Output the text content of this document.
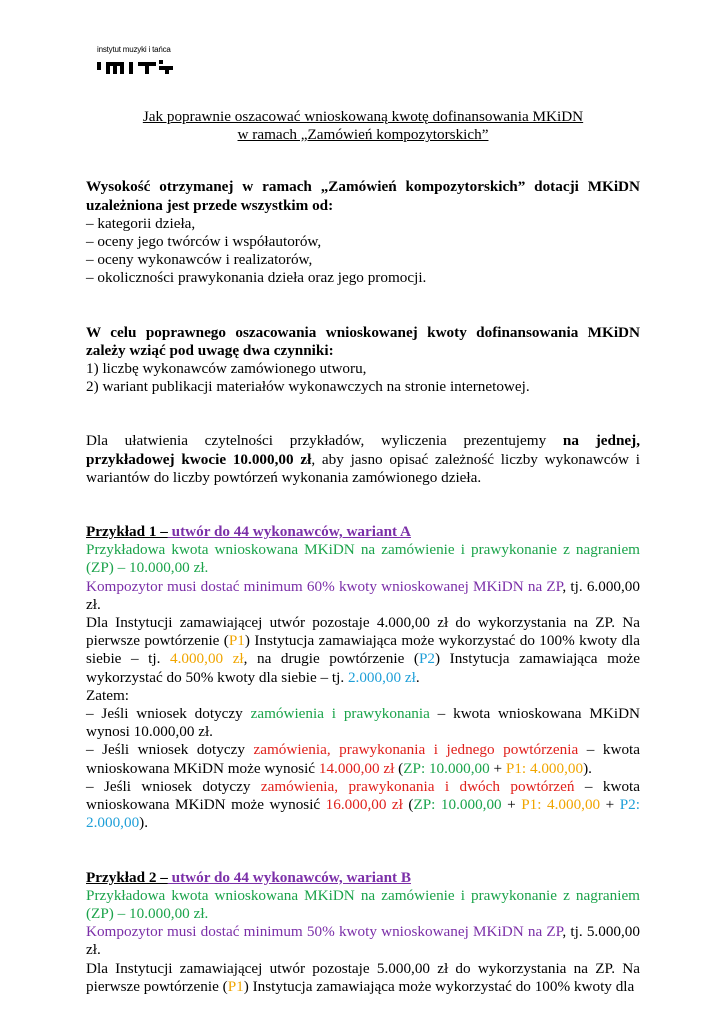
instytut muzyki i tańca
Jak poprawnie oszacować wnioskowaną kwotę dofinansowania MKiDN
w ramach „Zamówień kompozytorskich”

Wysokość otrzymanej w ramach „Zamówień kompozytorskich” dotacji MKiDN uzależniona jest przede wszystkim od:

– kategorii dzieła,

– oceny jego twórców i współautorów,

– oceny wykonawców i realizatorów,

– okoliczności prawykonania dzieła oraz jego promocji.

W celu poprawnego oszacowania wnioskowanej kwoty dofinansowania MKiDN zależy wziąć pod uwagę dwa czynniki:

1) liczbę wykonawców zamówionego utworu,

2) wariant publikacji materiałów wykonawczych na stronie internetowej.

Dla ułatwienia czytelności przykładów, wyliczenia prezentujemy na jednej, przykładowej kwocie 10.000,00 zł, aby jasno opisać zależność liczby wykonawców i wariantów do liczby powtórzeń wykonania zamówionego dzieła.

Przykład 1 – utwór do 44 wykonawców, wariant A

Przykładowa kwota wnioskowana MKiDN na zamówienie i prawykonanie z nagraniem (ZP) – 10.000,00 zł.

Kompozytor musi dostać minimum 60% kwoty wnioskowanej MKiDN na ZP, tj. 6.000,00 zł.

Dla Instytucji zamawiającej utwór pozostaje 4.000,00 zł do wykorzystania na ZP. Na pierwsze powtórzenie (P1) Instytucja zamawiająca może wykorzystać do 100% kwoty dla siebie – tj. 4.000,00 zł, na drugie powtórzenie (P2) Instytucja zamawiająca może wykorzystać do 50% kwoty dla siebie – tj. 2.000,00 zł.

Zatem:

– Jeśli wniosek dotyczy zamówienia i prawykonania – kwota wnioskowana MKiDN wynosi 10.000,00 zł.

– Jeśli wniosek dotyczy zamówienia, prawykonania i jednego powtórzenia – kwota wnioskowana MKiDN może wynosić 14.000,00 zł (ZP: 10.000,00 + P1: 4.000,00).

– Jeśli wniosek dotyczy zamówienia, prawykonania i dwóch powtórzeń – kwota wnioskowana MKiDN może wynosić 16.000,00 zł (ZP: 10.000,00 + P1: 4.000,00 + P2: 2.000,00).

Przykład 2 – utwór do 44 wykonawców, wariant B

Przykładowa kwota wnioskowana MKiDN na zamówienie i prawykonanie z nagraniem (ZP) – 10.000,00 zł.

Kompozytor musi dostać minimum 50% kwoty wnioskowanej MKiDN na ZP, tj. 5.000,00 zł.

Dla Instytucji zamawiającej utwór pozostaje 5.000,00 zł do wykorzystania na ZP. Na pierwsze powtórzenie (P1) Instytucja zamawiająca może wykorzystać do 100% kwoty dla
